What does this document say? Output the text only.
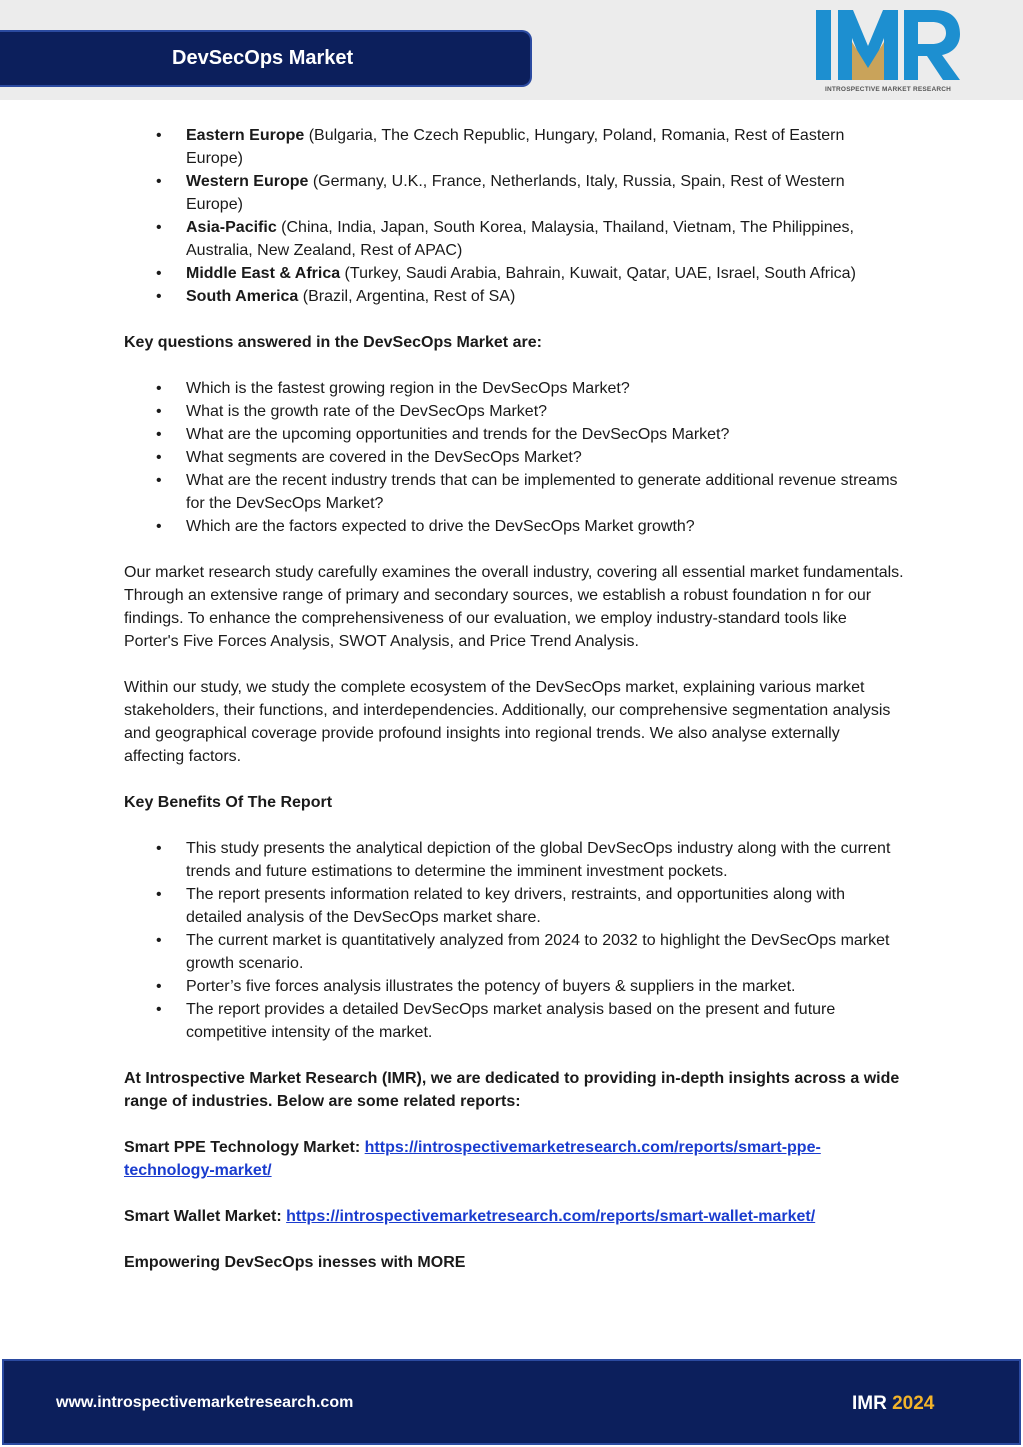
DevSecOps Market
INTROSPECTIVE MARKET RESEARCH
• Eastern Europe (Bulgaria, The Czech Republic, Hungary, Poland, Romania, Rest of Eastern Europe)
• Western Europe (Germany, U.K., France, Netherlands, Italy, Russia, Spain, Rest of Western Europe)
• Asia-Pacific (China, India, Japan, South Korea, Malaysia, Thailand, Vietnam, The Philippines, Australia, New Zealand, Rest of APAC)
• Middle East & Africa (Turkey, Saudi Arabia, Bahrain, Kuwait, Qatar, UAE, Israel, South Africa)
• South America (Brazil, Argentina, Rest of SA)

Key questions answered in the DevSecOps Market are:

• Which is the fastest growing region in the DevSecOps Market?
• What is the growth rate of the DevSecOps Market?
• What are the upcoming opportunities and trends for the DevSecOps Market?
• What segments are covered in the DevSecOps Market?
• What are the recent industry trends that can be implemented to generate additional revenue streams for the DevSecOps Market?
• Which are the factors expected to drive the DevSecOps Market growth?

Our market research study carefully examines the overall industry, covering all essential market fundamentals. Through an extensive range of primary and secondary sources, we establish a robust foundation n for our findings. To enhance the comprehensiveness of our evaluation, we employ industry-standard tools like Porter's Five Forces Analysis, SWOT Analysis, and Price Trend Analysis.

Within our study, we study the complete ecosystem of the DevSecOps market, explaining various market stakeholders, their functions, and interdependencies. Additionally, our comprehensive segmentation analysis and geographical coverage provide profound insights into regional trends. We also analyse externally affecting factors.

Key Benefits Of The Report

• This study presents the analytical depiction of the global DevSecOps industry along with the current trends and future estimations to determine the imminent investment pockets.
• The report presents information related to key drivers, restraints, and opportunities along with detailed analysis of the DevSecOps market share.
• The current market is quantitatively analyzed from 2024 to 2032 to highlight the DevSecOps market growth scenario.
• Porter’s five forces analysis illustrates the potency of buyers & suppliers in the market.
• The report provides a detailed DevSecOps market analysis based on the present and future competitive intensity of the market.

At Introspective Market Research (IMR), we are dedicated to providing in-depth insights across a wide range of industries. Below are some related reports:

Smart PPE Technology Market: https://introspectivemarketresearch.com/reports/smart-ppe-technology-market/

Smart Wallet Market: https://introspectivemarketresearch.com/reports/smart-wallet-market/

Empowering DevSecOps inesses with MORE

www.introspectivemarketresearch.com	IMR 2024
